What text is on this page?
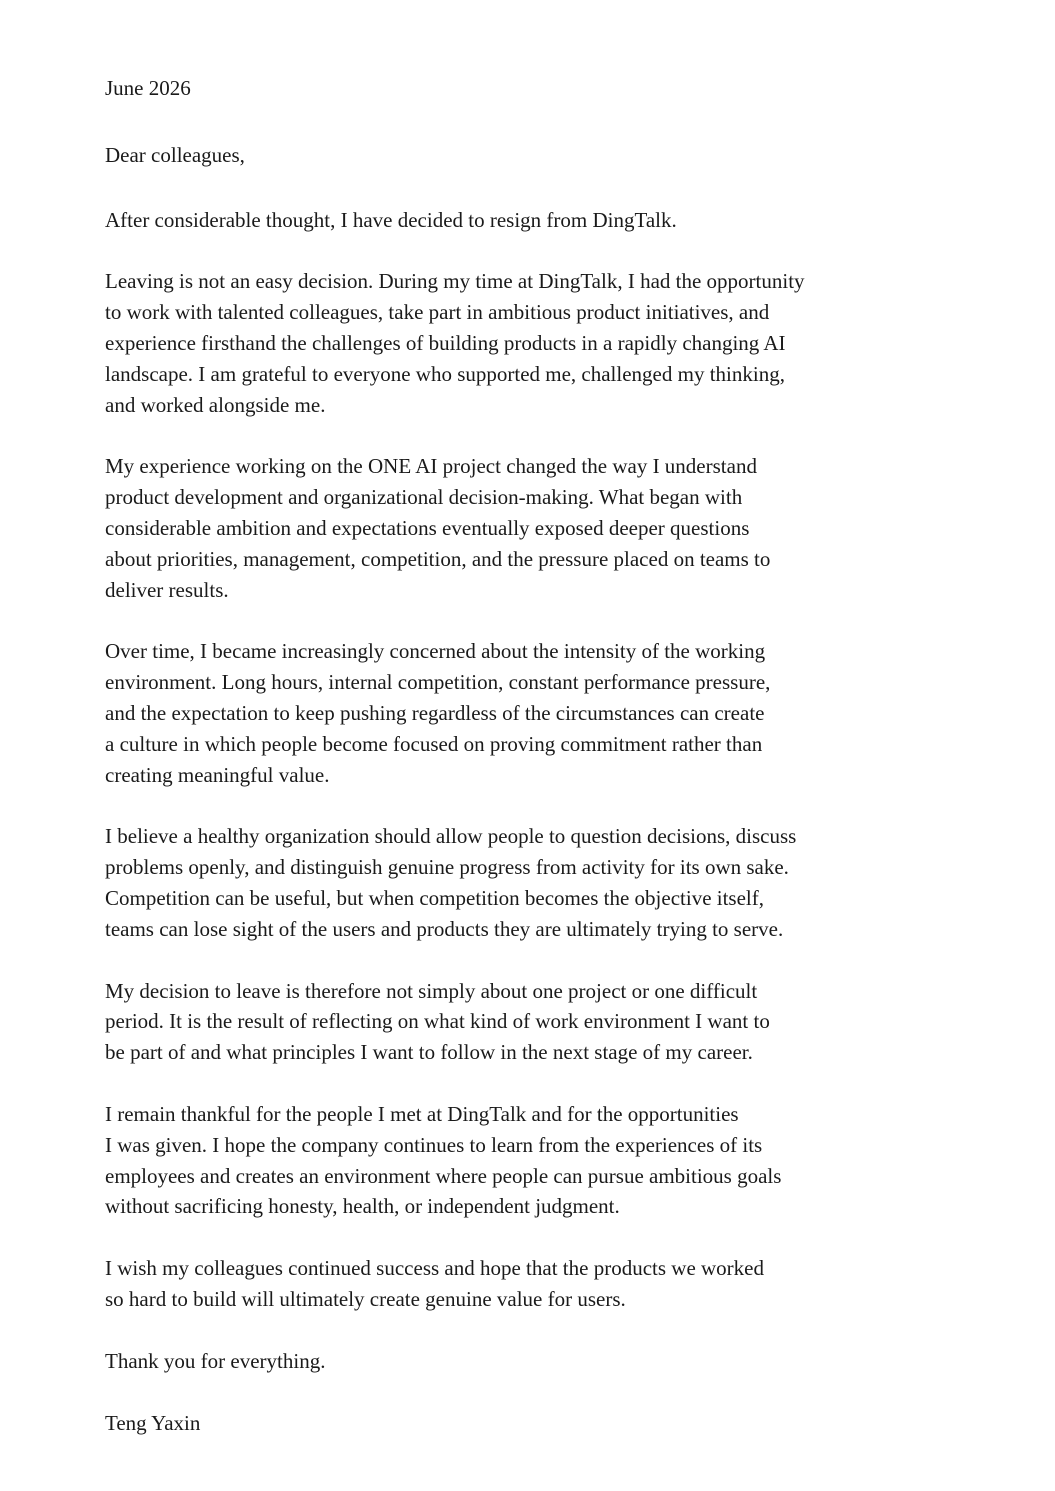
June 2026

Dear colleagues,

After considerable thought, I have decided to resign from DingTalk.
Leaving is not an easy decision. During my time at DingTalk, I had the opportunity
to work with talented colleagues, take part in ambitious product initiatives, and
experience firsthand the challenges of building products in a rapidly changing AI
landscape. I am grateful to everyone who supported me, challenged my thinking,
and worked alongside me.
My experience working on the ONE AI project changed the way I understand
product development and organizational decision-making. What began with
considerable ambition and expectations eventually exposed deeper questions
about priorities, management, competition, and the pressure placed on teams to
deliver results.
Over time, I became increasingly concerned about the intensity of the working
environment. Long hours, internal competition, constant performance pressure,
and the expectation to keep pushing regardless of the circumstances can create
a culture in which people become focused on proving commitment rather than
creating meaningful value.
I believe a healthy organization should allow people to question decisions, discuss
problems openly, and distinguish genuine progress from activity for its own sake.
Competition can be useful, but when competition becomes the objective itself,
teams can lose sight of the users and products they are ultimately trying to serve.
My decision to leave is therefore not simply about one project or one difficult
period. It is the result of reflecting on what kind of work environment I want to
be part of and what principles I want to follow in the next stage of my career.
I remain thankful for the people I met at DingTalk and for the opportunities
I was given. I hope the company continues to learn from the experiences of its
employees and creates an environment where people can pursue ambitious goals
without sacrificing honesty, health, or independent judgment.
I wish my colleagues continued success and hope that the products we worked
so hard to build will ultimately create genuine value for users.
Thank you for everything.

Teng Yaxin
